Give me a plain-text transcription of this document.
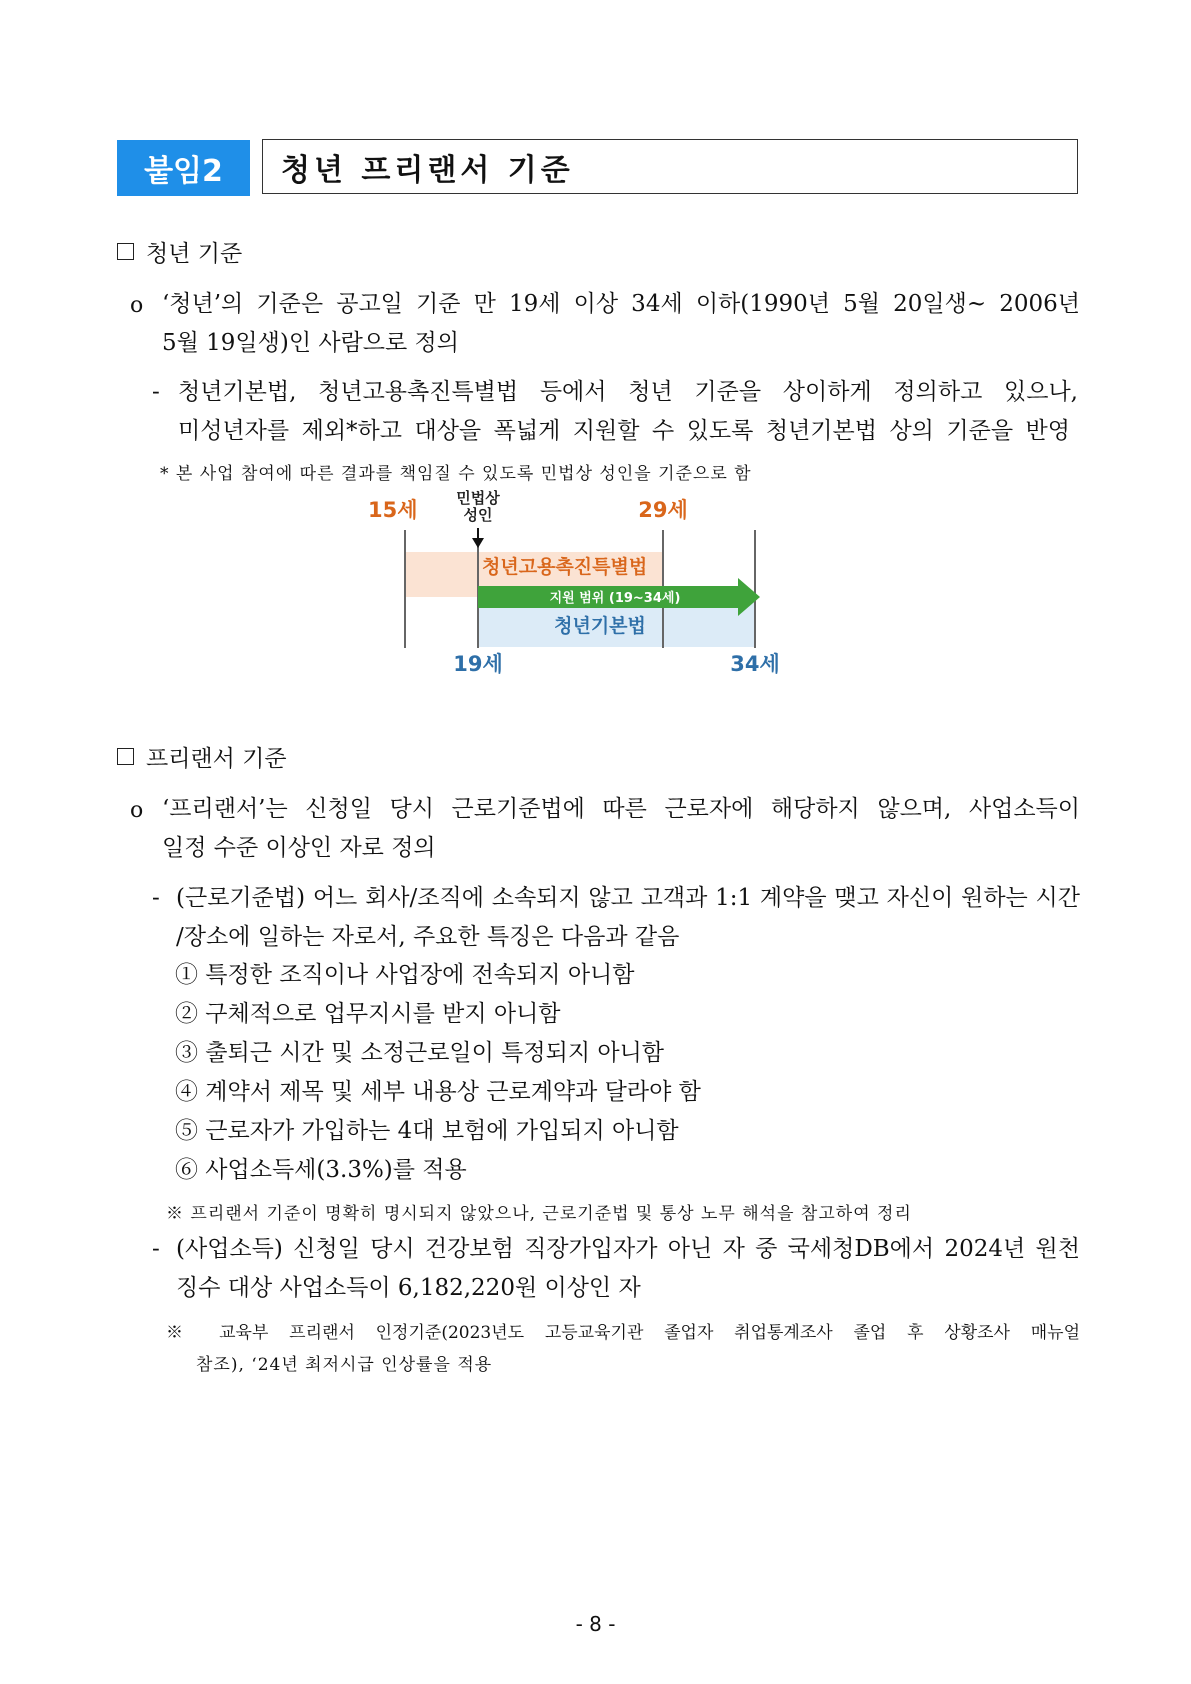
붙임2	청년 프리랜서 기준
청년 기준
o ‘청년’의 기준은 공고일 기준 만 19세 이상 34세 이하(1990년 5월 20일생~ 2006년
5월 19일생)인 사람으로 정의
- 청년기본법, 청년고용촉진특별법 등에서 청년 기준을 상이하게 정의하고 있으나,
미성년자를 제외*하고 대상을 폭넓게 지원할 수 있도록 청년기본법 상의 기준을 반영
* 본 사업 참여에 따른 결과를 책임질 수 있도록 민법상 성인을 기준으로 함
15세	민법상
성인	29세
청년고용촉진특별법
지원 범위 (19~34세)
청년기본법
19세	34세
프리랜서 기준
o ‘프리랜서’는 신청일 당시 근로기준법에 따른 근로자에 해당하지 않으며, 사업소득이
일정 수준 이상인 자로 정의
- (근로기준법) 어느 회사/조직에 소속되지 않고 고객과 1:1 계약을 맺고 자신이 원하는 시간
/장소에 일하는 자로서, 주요한 특징은 다음과 같음
① 특정한 조직이나 사업장에 전속되지 아니함
② 구체적으로 업무지시를 받지 아니함
③ 출퇴근 시간 및 소정근로일이 특정되지 아니함
④ 계약서 제목 및 세부 내용상 근로계약과 달라야 함
⑤ 근로자가 가입하는 4대 보험에 가입되지 아니함
⑥ 사업소득세(3.3%)를 적용
※ 프리랜서 기준이 명확히 명시되지 않았으나, 근로기준법 및 통상 노무 해석을 참고하여 정리
- (사업소득) 신청일 당시 건강보험 직장가입자가 아닌 자 중 국세청DB에서 2024년 원천
징수 대상 사업소득이 6,182,220원 이상인 자
※ 교육부 프리랜서 인정기준(2023년도 고등교육기관 졸업자 취업통계조사 졸업 후 상황조사 매뉴얼
참조), ‘24년 최저시급 인상률을 적용
- 8 -
